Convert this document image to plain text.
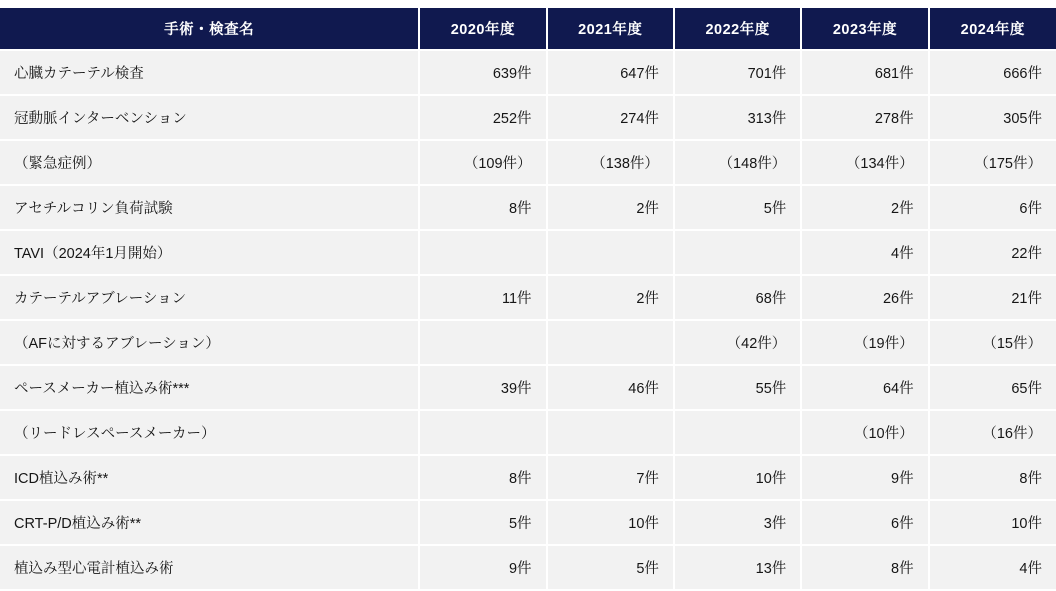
手術・検査名	2020年度	2021年度	2022年度	2023年度	2024年度
心臓カテーテル検査	639件	647件	701件	681件	666件
冠動脈インターベンション	252件	274件	313件	278件	305件
（緊急症例）	（109件）	（138件）	（148件）	（134件）	（175件）
アセチルコリン負荷試験	8件	2件	5件	2件	6件
TAVI（2024年1月開始）				4件	22件
カテーテルアブレーション	11件	2件	68件	26件	21件
（AFに対するアブレーション）			（42件）	（19件）	（15件）
ペースメーカー植込み術***	39件	46件	55件	64件	65件
（リードレスペースメーカー）				（10件）	（16件）
ICD植込み術**	8件	7件	10件	9件	8件
CRT-P/D植込み術**	5件	10件	3件	6件	10件
植込み型心電計植込み術	9件	5件	13件	8件	4件
